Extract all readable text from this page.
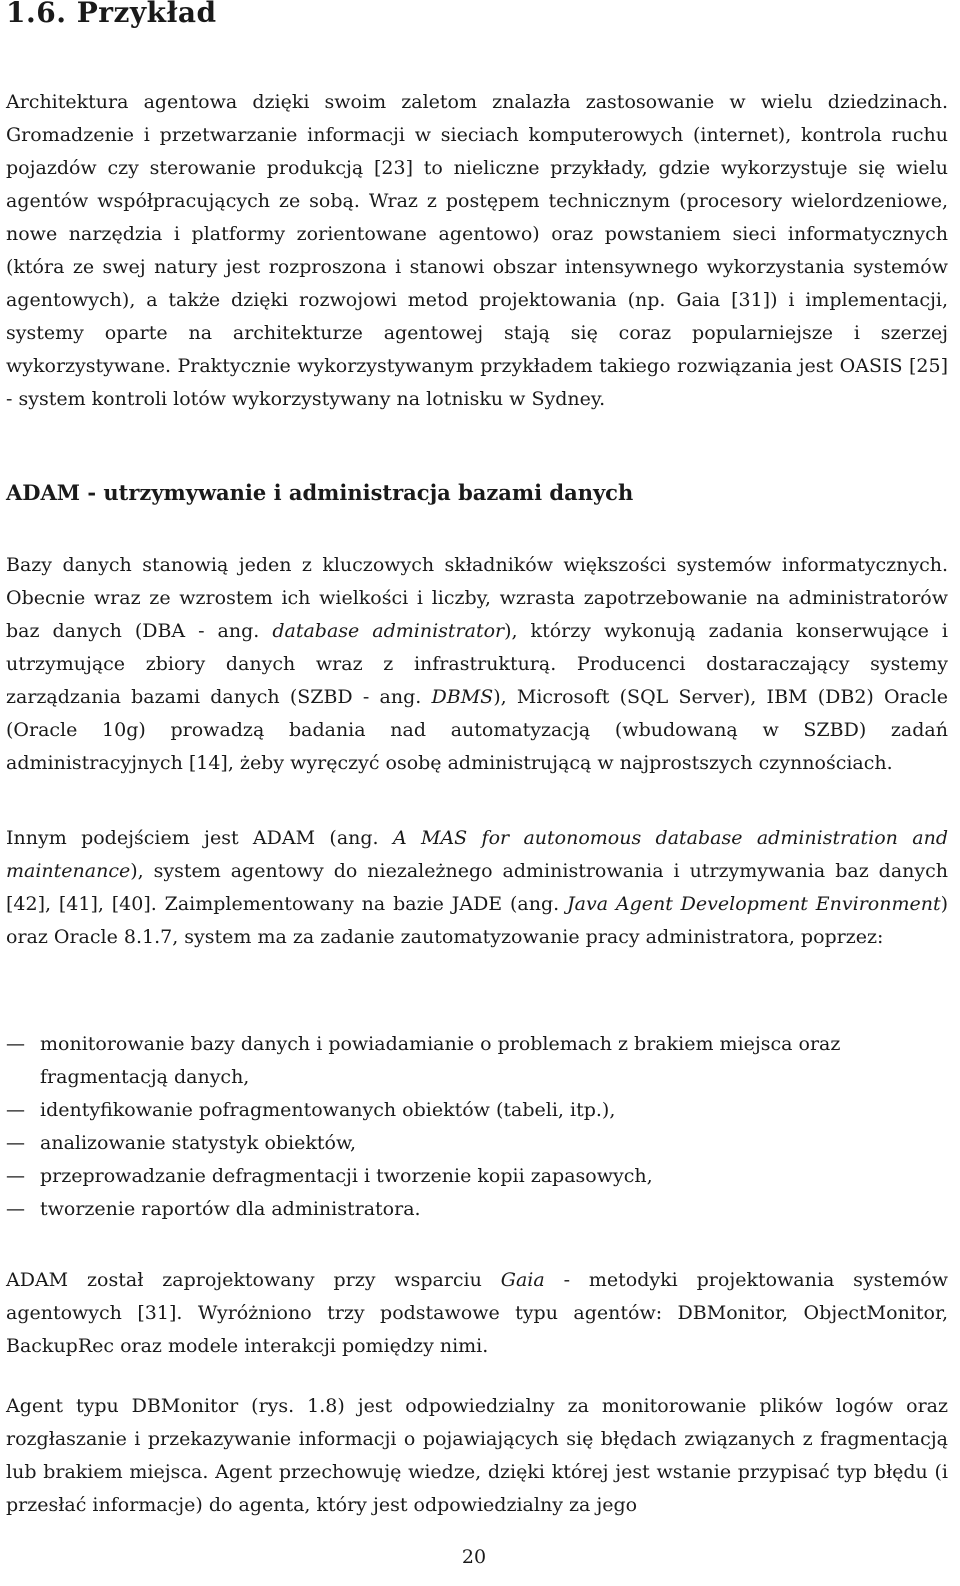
1.6. Przykład

Architektura agentowa dzięki swoim zaletom znalazła zastosowanie w wielu dziedzinach. Gromadzenie i przetwarzanie informacji w sieciach komputerowych (internet), kontrola ruchu pojazdów czy sterowanie produkcją [23] to nieliczne przykłady, gdzie wykorzystuje się wielu agentów współpracujących ze sobą. Wraz z postępem technicznym (procesory wielordzeniowe, nowe narzędzia i platformy zorientowane agentowo) oraz powstaniem sieci informatycznych (która ze swej natury jest rozproszona i stanowi obszar intensywnego wykorzystania systemów agentowych), a także dzięki rozwojowi metod projektowania (np. Gaia [31]) i implementacji, systemy oparte na architekturze agentowej stają się coraz popularniejsze i szerzej wykorzystywane. Praktycznie wykorzystywanym przykładem takiego rozwiązania jest OASIS [25] - system kontroli lotów wykorzystywany na lotnisku w Sydney.

ADAM - utrzymywanie i administracja bazami danych

Bazy danych stanowią jeden z kluczowych składników większości systemów informatycznych. Obecnie wraz ze wzrostem ich wielkości i liczby, wzrasta zapotrzebowanie na administratorów baz danych (DBA - ang. database administrator), którzy wykonują zadania konserwujące i utrzymujące zbiory danych wraz z infrastrukturą. Producenci dostaraczający systemy zarządzania bazami danych (SZBD - ang. DBMS), Microsoft (SQL Server), IBM (DB2) Oracle (Oracle 10g) prowadzą badania nad automatyzacją (wbudowaną w SZBD) zadań administracyjnych [14], żeby wyręczyć osobę administrującą w najprostszych czynnościach.

Innym podejściem jest ADAM (ang. A MAS for autonomous database administration and maintenance), system agentowy do niezależnego administrowania i utrzymywania baz danych [42], [41], [40]. Zaimplementowany na bazie JADE (ang. Java Agent Development Environment) oraz Oracle 8.1.7, system ma za zadanie zautomatyzowanie pracy administratora, poprzez:

— monitorowanie bazy danych i powiadamianie o problemach z brakiem miejsca oraz fragmentacją danych,
— identyfikowanie pofragmentowanych obiektów (tabeli, itp.),
— analizowanie statystyk obiektów,
— przeprowadzanie defragmentacji i tworzenie kopii zapasowych,
— tworzenie raportów dla administratora.

ADAM został zaprojektowany przy wsparciu Gaia - metodyki projektowania systemów agentowych [31]. Wyróżniono trzy podstawowe typu agentów: DBMonitor, ObjectMonitor, BackupRec oraz modele interakcji pomiędzy nimi.

Agent typu DBMonitor (rys. 1.8) jest odpowiedzialny za monitorowanie plików logów oraz rozgłaszanie i przekazywanie informacji o pojawiających się błędach związanych z fragmentacją lub brakiem miejsca. Agent przechowuję wiedze, dzięki której jest wstanie przypisać typ błędu (i przesłać informacje) do agenta, który jest odpowiedzialny za jego

20
